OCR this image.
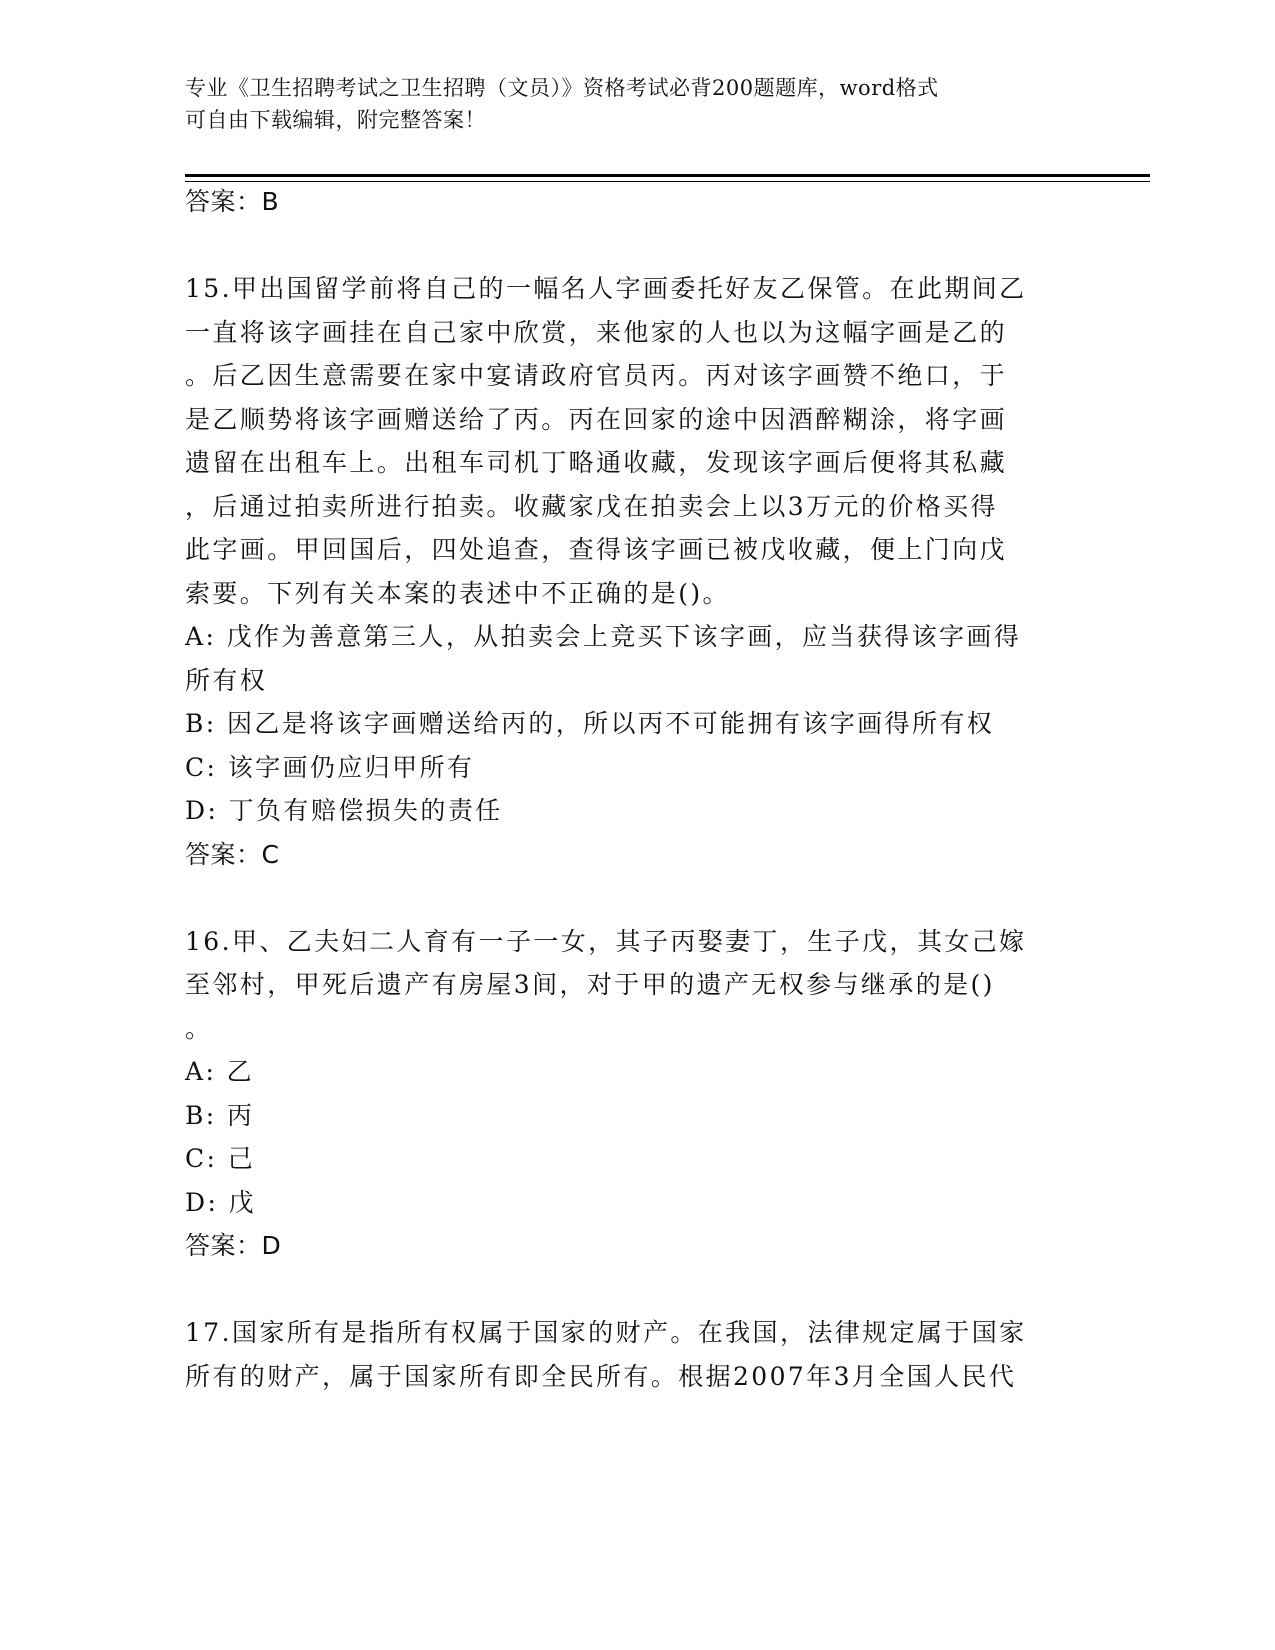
专业《卫生招聘考试之卫生招聘（文员）》资格考试必背200题题库，word格式
可自由下载编辑，附完整答案！
答案：B
15.甲出国留学前将自己的一幅名人字画委托好友乙保管。在此期间乙
一直将该字画挂在自己家中欣赏，来他家的人也以为这幅字画是乙的
。后乙因生意需要在家中宴请政府官员丙。丙对该字画赞不绝口，于
是乙顺势将该字画赠送给了丙。丙在回家的途中因酒醉糊涂，将字画
遗留在出租车上。出租车司机丁略通收藏，发现该字画后便将其私藏
，后通过拍卖所进行拍卖。收藏家戊在拍卖会上以3万元的价格买得
此字画。甲回国后，四处追查，查得该字画已被戊收藏，便上门向戊
索要。下列有关本案的表述中不正确的是()。
A: 戊作为善意第三人，从拍卖会上竞买下该字画，应当获得该字画得
所有权
B: 因乙是将该字画赠送给丙的，所以丙不可能拥有该字画得所有权
C: 该字画仍应归甲所有
D: 丁负有赔偿损失的责任
答案：C
16.甲、乙夫妇二人育有一子一女，其子丙娶妻丁，生子戊，其女己嫁
至邻村，甲死后遗产有房屋3间，对于甲的遗产无权参与继承的是()
。
A: 乙
B: 丙
C: 己
D: 戊
答案：D
17.国家所有是指所有权属于国家的财产。在我国，法律规定属于国家
所有的财产，属于国家所有即全民所有。根据2007年3月全国人民代
